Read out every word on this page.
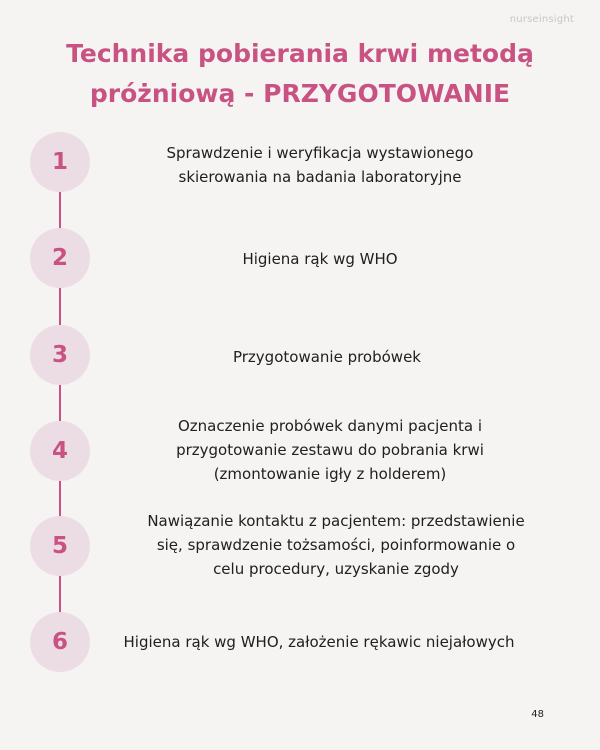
nurseinsight
Technika pobierania krwi metodą
próżniową - PRZYGOTOWANIE
1	Sprawdzenie i weryfikacja wystawionego
skierowania na badania laboratoryjne
2	Higiena rąk wg WHO
3	Przygotowanie probówek
4
Oznaczenie probówek danymi pacjenta i
przygotowanie zestawu do pobrania krwi
(zmontowanie igły z holderem)
5
Nawiązanie kontaktu z pacjentem: przedstawienie
się, sprawdzenie tożsamości, poinformowanie o
celu procedury, uzyskanie zgody
6	Higiena rąk wg WHO, założenie rękawic niejałowych
48
